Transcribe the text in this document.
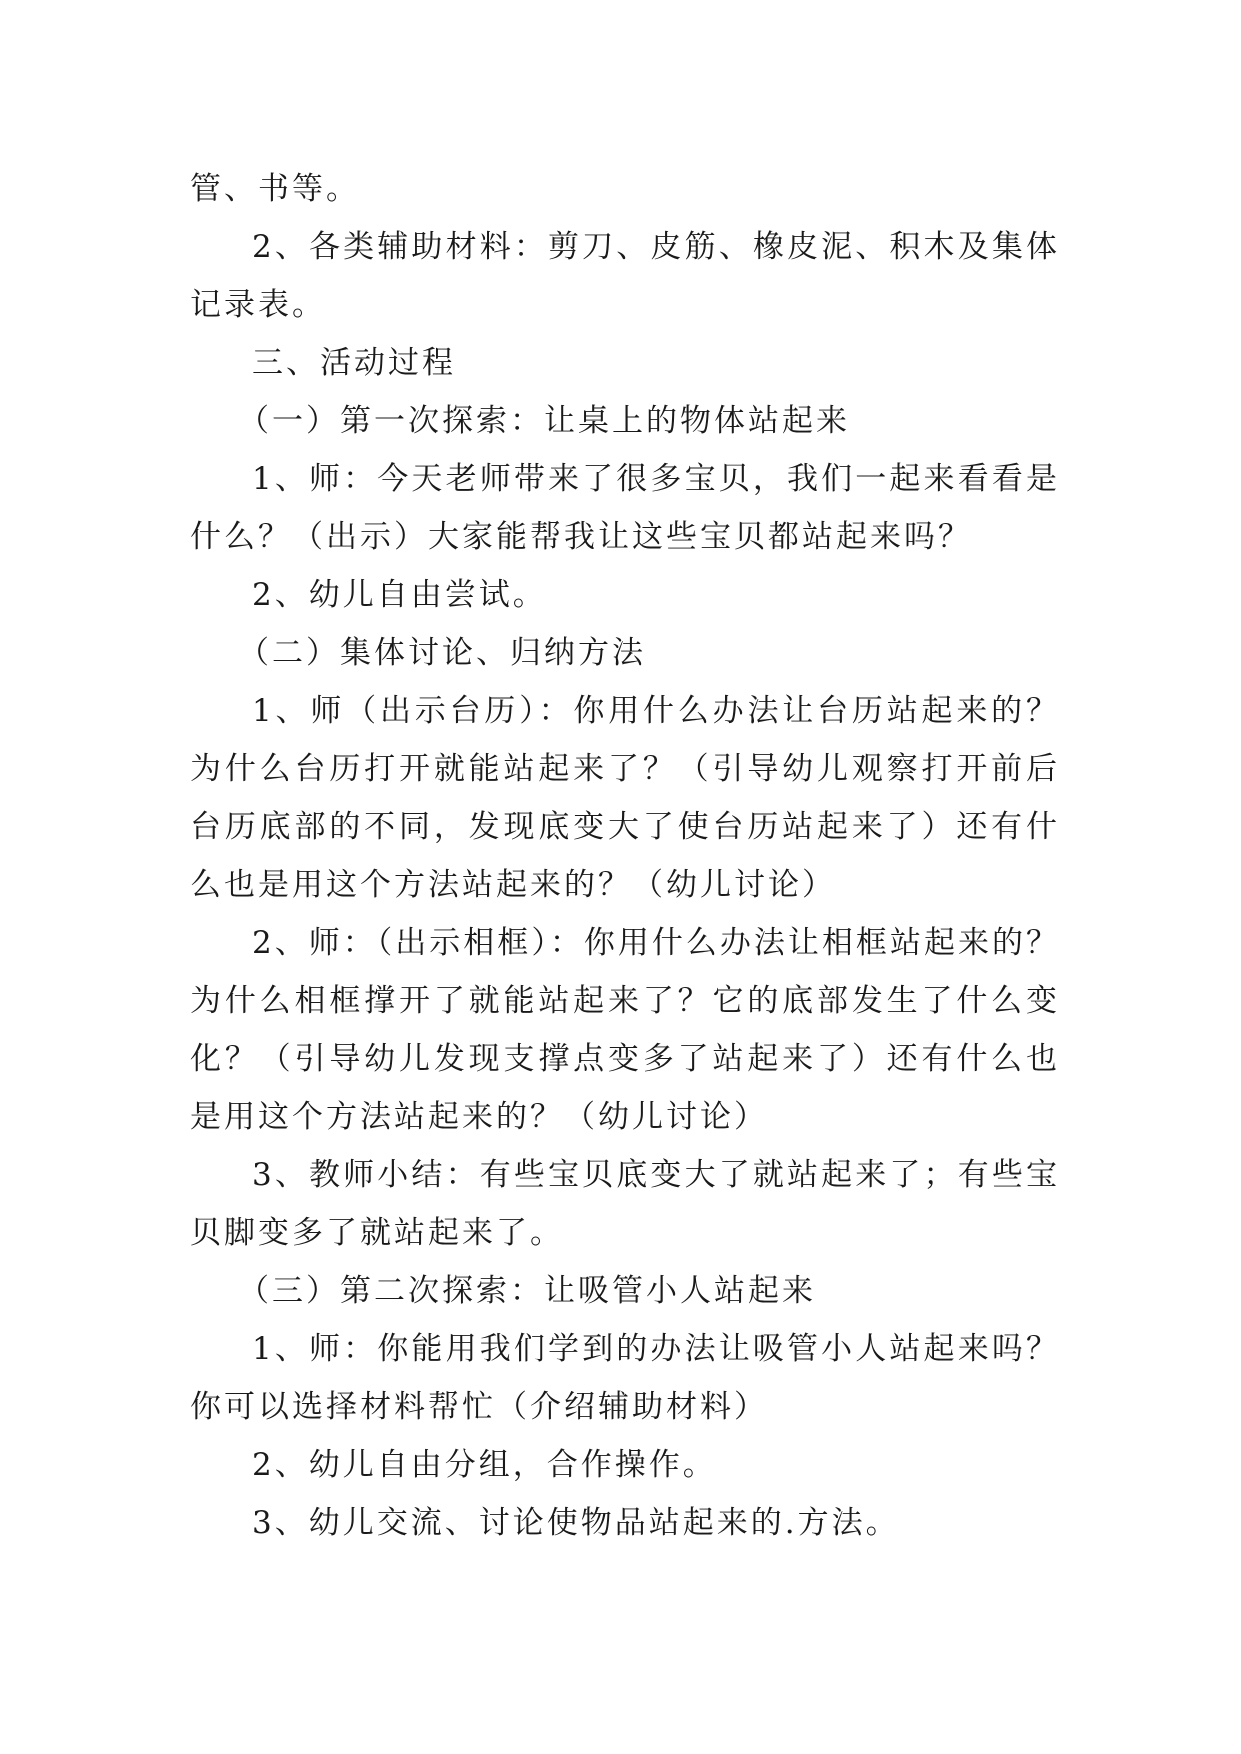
管、书等。

2、各类辅助材料：剪刀、皮筋、橡皮泥、积木及集体记录表。

三、活动过程

（一）第一次探索：让桌上的物体站起来

1、师：今天老师带来了很多宝贝，我们一起来看看是什么？（出示）大家能帮我让这些宝贝都站起来吗？

2、幼儿自由尝试。

（二）集体讨论、归纳方法

1、师（出示台历）：你用什么办法让台历站起来的？为什么台历打开就能站起来了？（引导幼儿观察打开前后台历底部的不同，发现底变大了使台历站起来了）还有什么也是用这个方法站起来的？（幼儿讨论）

2、师：（出示相框）：你用什么办法让相框站起来的？为什么相框撑开了就能站起来了？它的底部发生了什么变化？（引导幼儿发现支撑点变多了站起来了）还有什么也是用这个方法站起来的？（幼儿讨论）

3、教师小结：有些宝贝底变大了就站起来了；有些宝贝脚变多了就站起来了。

（三）第二次探索：让吸管小人站起来

1、师：你能用我们学到的办法让吸管小人站起来吗？你可以选择材料帮忙（介绍辅助材料）

2、幼儿自由分组，合作操作。

3、幼儿交流、讨论使物品站起来的.方法。
